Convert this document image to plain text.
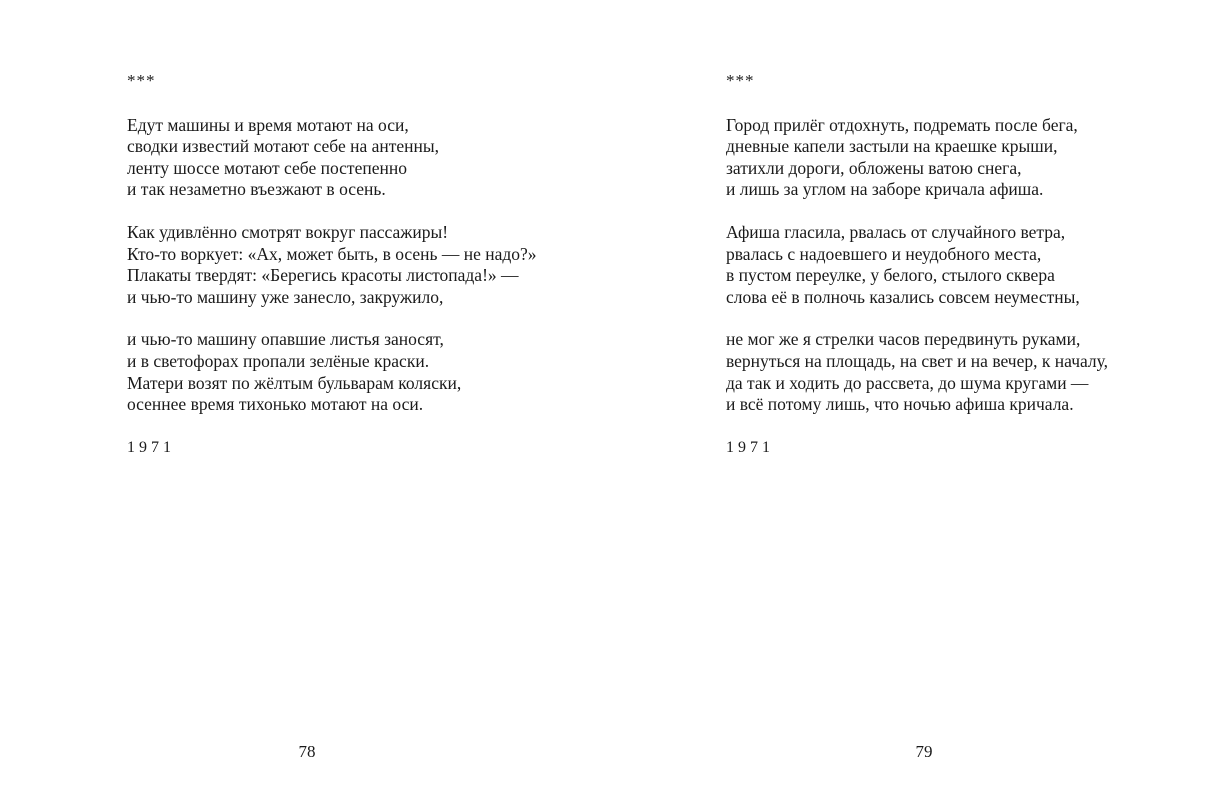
***
Едут машины и время мотают на оси,
сводки известий мотают себе на антенны,
ленту шоссе мотают себе постепенно
и так незаметно въезжают в осень.
Как удивлённо смотрят вокруг пассажиры!
Кто-то воркует: «Ах, может быть, в осень — не надо?»
Плакаты твердят: «Берегись красоты листопада!» —
и чью-то машину уже занесло, закружило,
и чью-то машину опавшие листья заносят,
и в светофорах пропали зелёные краски.
Матери возят по жёлтым бульварам коляски,
осеннее время тихонько мотают на оси.
1971
78
***
Город прилёг отдохнуть, подремать после бега,
дневные капели застыли на краешке крыши,
затихли дороги, обложены ватою снега,
и лишь за углом на заборе кричала афиша.
Афиша гласила, рвалась от случайного ветра,
рвалась с надоевшего и неудобного места,
в пустом переулке, у белого, стылого сквера
слова её в полночь казались совсем неуместны,
не мог же я стрелки часов передвинуть руками,
вернуться на площадь, на свет и на вечер, к началу,
да так и ходить до рассвета, до шума кругами —
и всё потому лишь, что ночью афиша кричала.
1971
79
